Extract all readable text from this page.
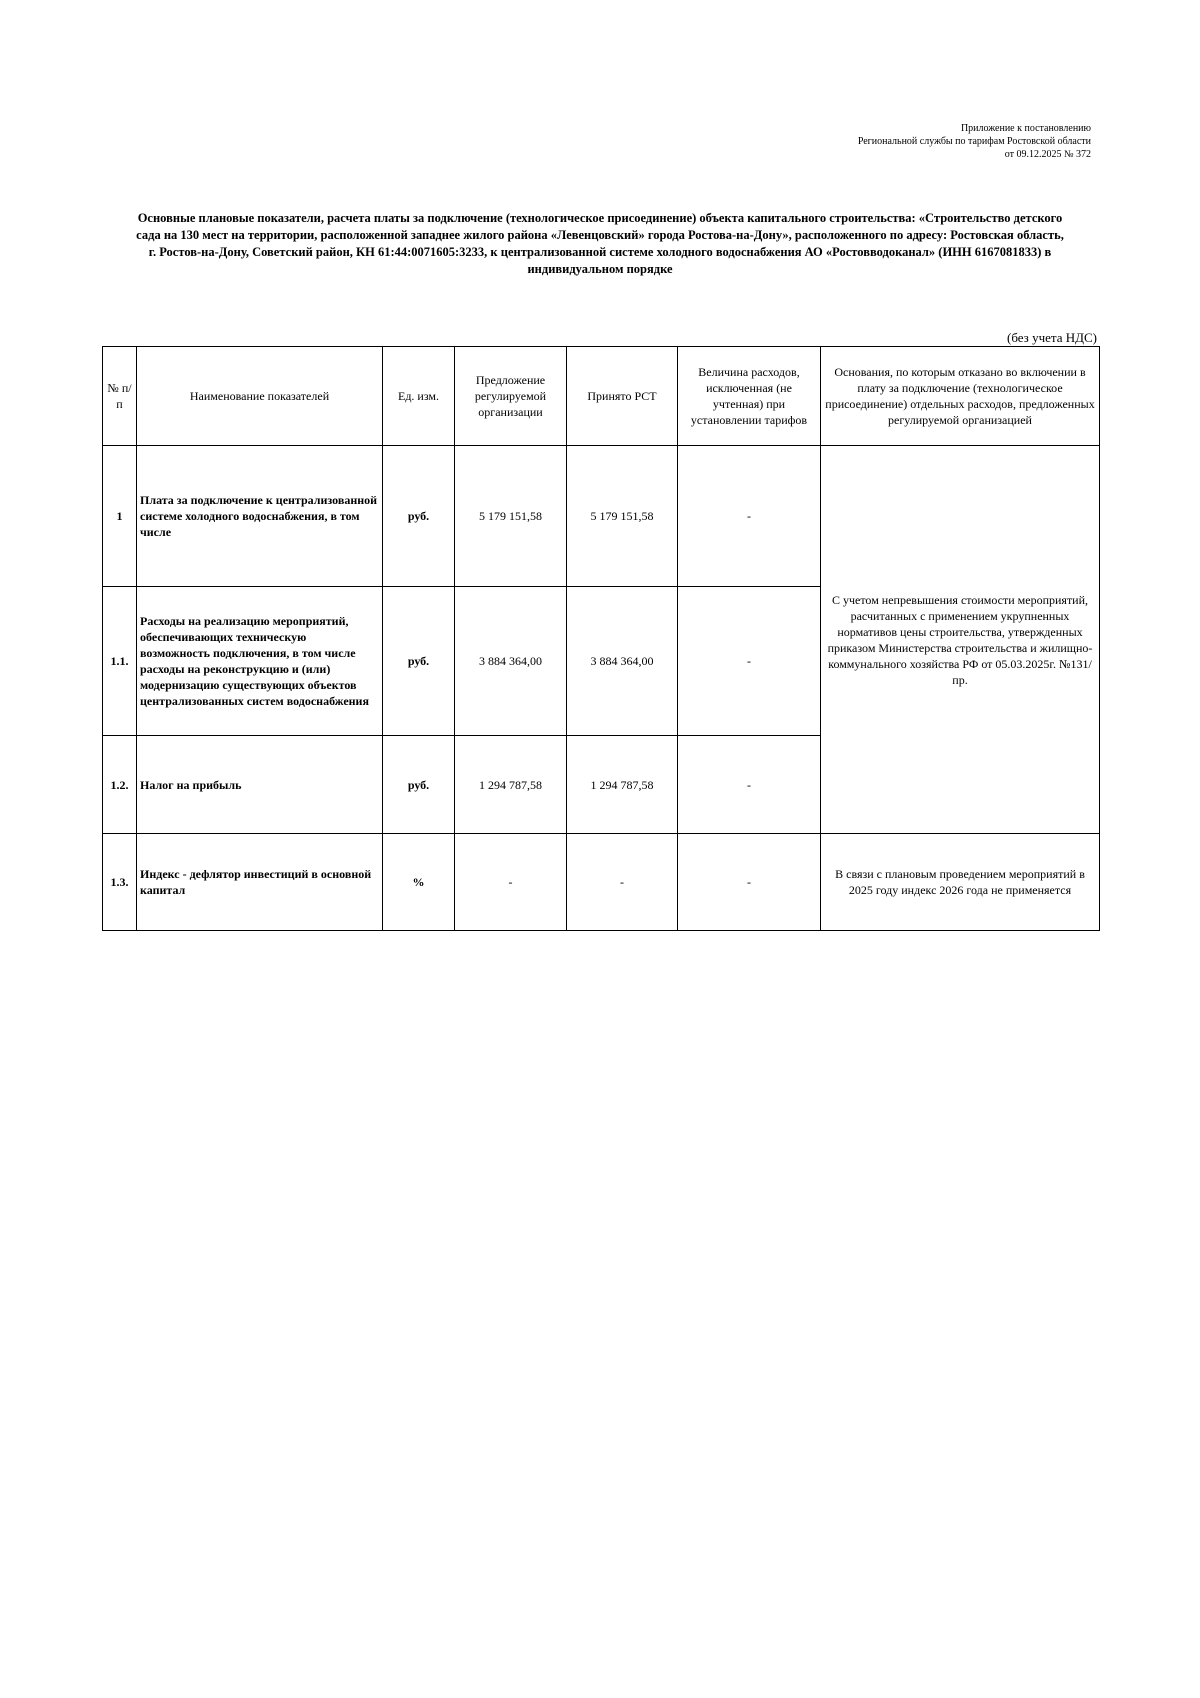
Приложение к постановлению
Региональной службы по тарифам Ростовской области
от 09.12.2025 № 372
Основные плановые показатели, расчета платы за подключение (технологическое присоединение) объекта капитального строительства: «Строительство детского
сада на 130 мест на территории, расположенной западнее жилого района «Левенцовский» города Ростова-на-Дону», расположенного по адресу: Ростовская область,
г. Ростов-на-Дону, Советский район, КН 61:44:0071605:3233, к централизованной системе холодного водоснабжения АО «Ростовводоканал» (ИНН 6167081833) в
индивидуальном порядке
(без учета НДС)
№ п/п	Наименование показателей	Ед. изм.	Предложение регулируемой организации	Принято РСТ	Величина расходов, исключенная (не учтенная) при установлении тарифов	Основания, по которым отказано во включении в плату за подключение (технологическое присоединение) отдельных расходов, предложенных регулируемой организацией
1	Плата за подключение к централизованной системе холодного водоснабжения, в том числе	руб.	5 179 151,58	5 179 151,58	-	С учетом непревышения стоимости мероприятий, расчитанных с применением укрупненных нормативов цены строительства, утвержденных приказом Министерства строительства и жилищно-коммунального хозяйства РФ от 05.03.2025г. №131/пр.
1.1.	Расходы на реализацию мероприятий, обеспечивающих техническую возможность подключения, в том числе расходы на реконструкцию и (или) модернизацию существующих объектов централизованных систем водоснабжения	руб.	3 884 364,00	3 884 364,00	-	
1.2.	Налог на прибыль	руб.	1 294 787,58	1 294 787,58	-	
1.3.	Индекс - дефлятор инвестиций в основной капитал	%	-	-	-	В связи с плановым проведением мероприятий в 2025 году индекс 2026 года не применяется
